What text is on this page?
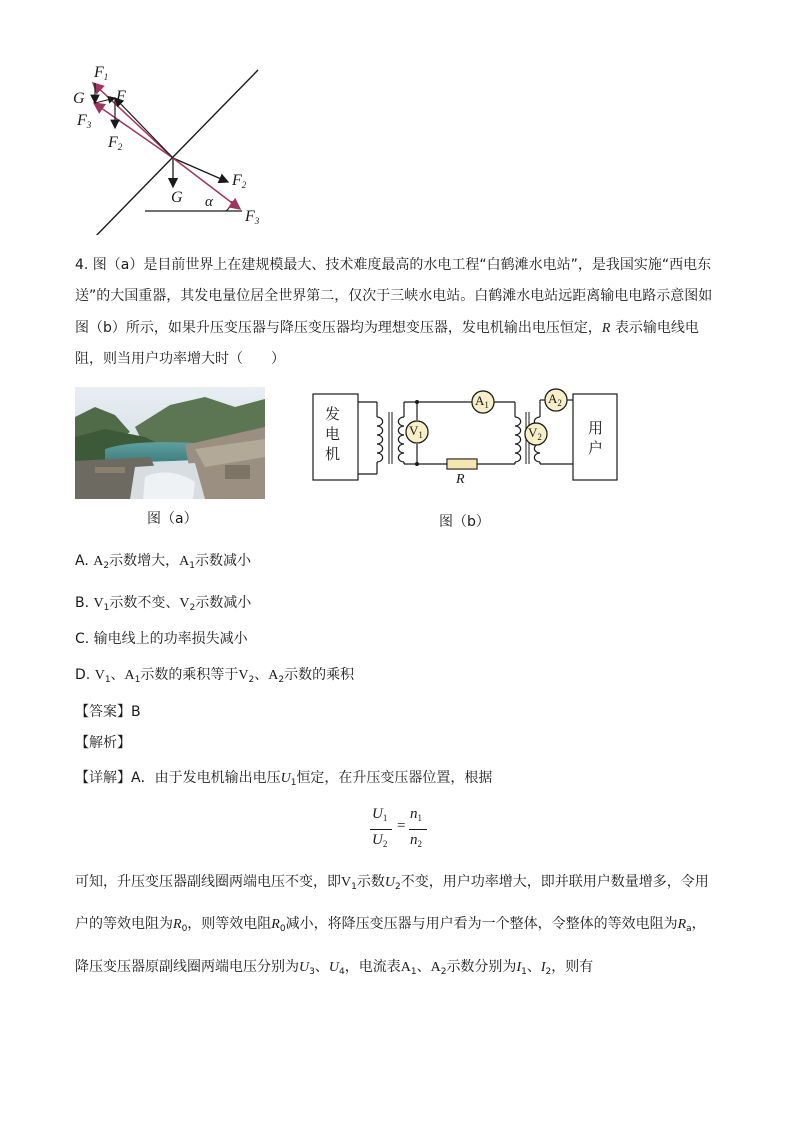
$F_1$
G F
$F_3$
$F_2$
$F_2$
G α
$F_3$
4. 图（a）是目前世界上在建规模最大、技术难度最高的水电工程“白鹤滩水电站”，是我国实施“西电东
送”的大国重器，其发电量位居全世界第二，仅次于三峡水电站。白鹤滩水电站远距离输电电路示意图如
图（b）所示，如果升压变压器与降压变压器均为理想变压器，发电机输出电压恒定，R 表示输电线电
阻，则当用户功率增大时（　　）
图（a）
发
电
机
用
户
$V_1$	$V_2$
$A_1$	$A_2$
R
图（b）
A. $A_2$示数增大，$A_1$示数减小
B. $V_1$示数不变、$V_2$示数减小
C. 输电线上的功率损失减小
D. $V_1$、$A_1$示数的乘积等于$V_2$、$A_2$示数的乘积
【答案】B
【解析】
【详解】A．由于发电机输出电压$U_1$恒定，在升压变压器位置，根据
$U_1$
$U_2$
=
$n_1$
$n_2$
可知，升压变压器副线圈两端电压不变，即$V_1$示数$U_2$不变，用户功率增大，即并联用户数量增多，令用
户的等效电阻为$R_0$，则等效电阻$R_0$减小，将降压变压器与用户看为一个整体，令整体的等效电阻为$R_a$，
降压变压器原副线圈两端电压分别为$U_3$、$U_4$，电流表$A_1$、$A_2$示数分别为$I_1$、$I_2$，则有
